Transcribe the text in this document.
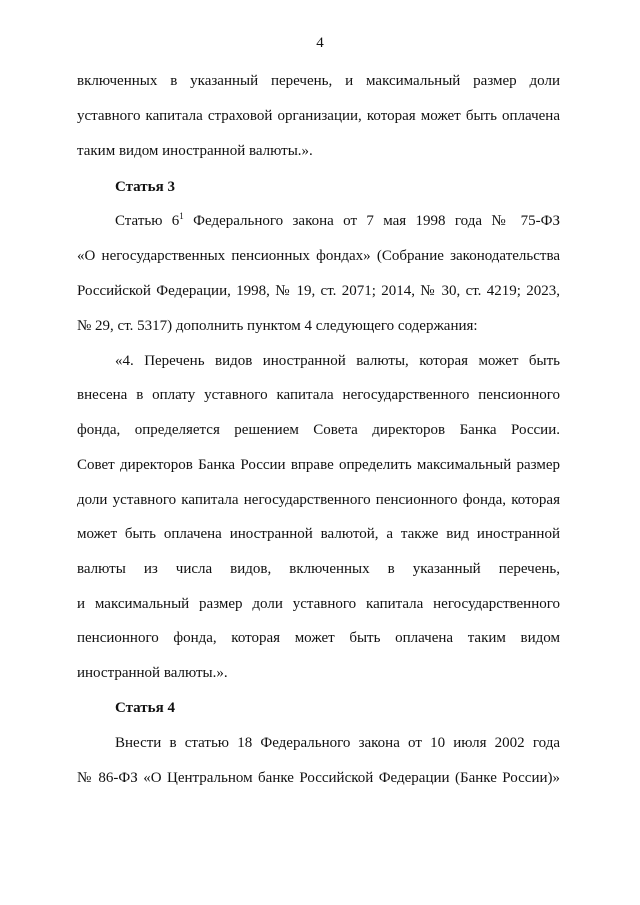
4
включенных в указанный перечень, и максимальный размер доли
уставного капитала страховой организации, которая может быть оплачена
таким видом иностранной валюты.».
Статья 3
Статью $6^1$ Федерального закона от 7 мая 1998 года № 75-ФЗ
«О негосударственных пенсионных фондах» (Собрание законодательства
Российской Федерации, 1998, № 19, ст. 2071; 2014, № 30, ст. 4219; 2023,
№ 29, ст. 5317) дополнить пунктом 4 следующего содержания:
«4. Перечень видов иностранной валюты, которая может быть
внесена в оплату уставного капитала негосударственного пенсионного
фонда, определяется решением Совета директоров Банка России.
Совет директоров Банка России вправе определить максимальный размер
доли уставного капитала негосударственного пенсионного фонда, которая
может быть оплачена иностранной валютой, а также вид иностранной
валюты из числа видов, включенных в указанный перечень,
и максимальный размер доли уставного капитала негосударственного
пенсионного фонда, которая может быть оплачена таким видом
иностранной валюты.».
Статья 4
Внести в статью 18 Федерального закона от 10 июля 2002 года
№ 86-ФЗ «О Центральном банке Российской Федерации (Банке России)»
